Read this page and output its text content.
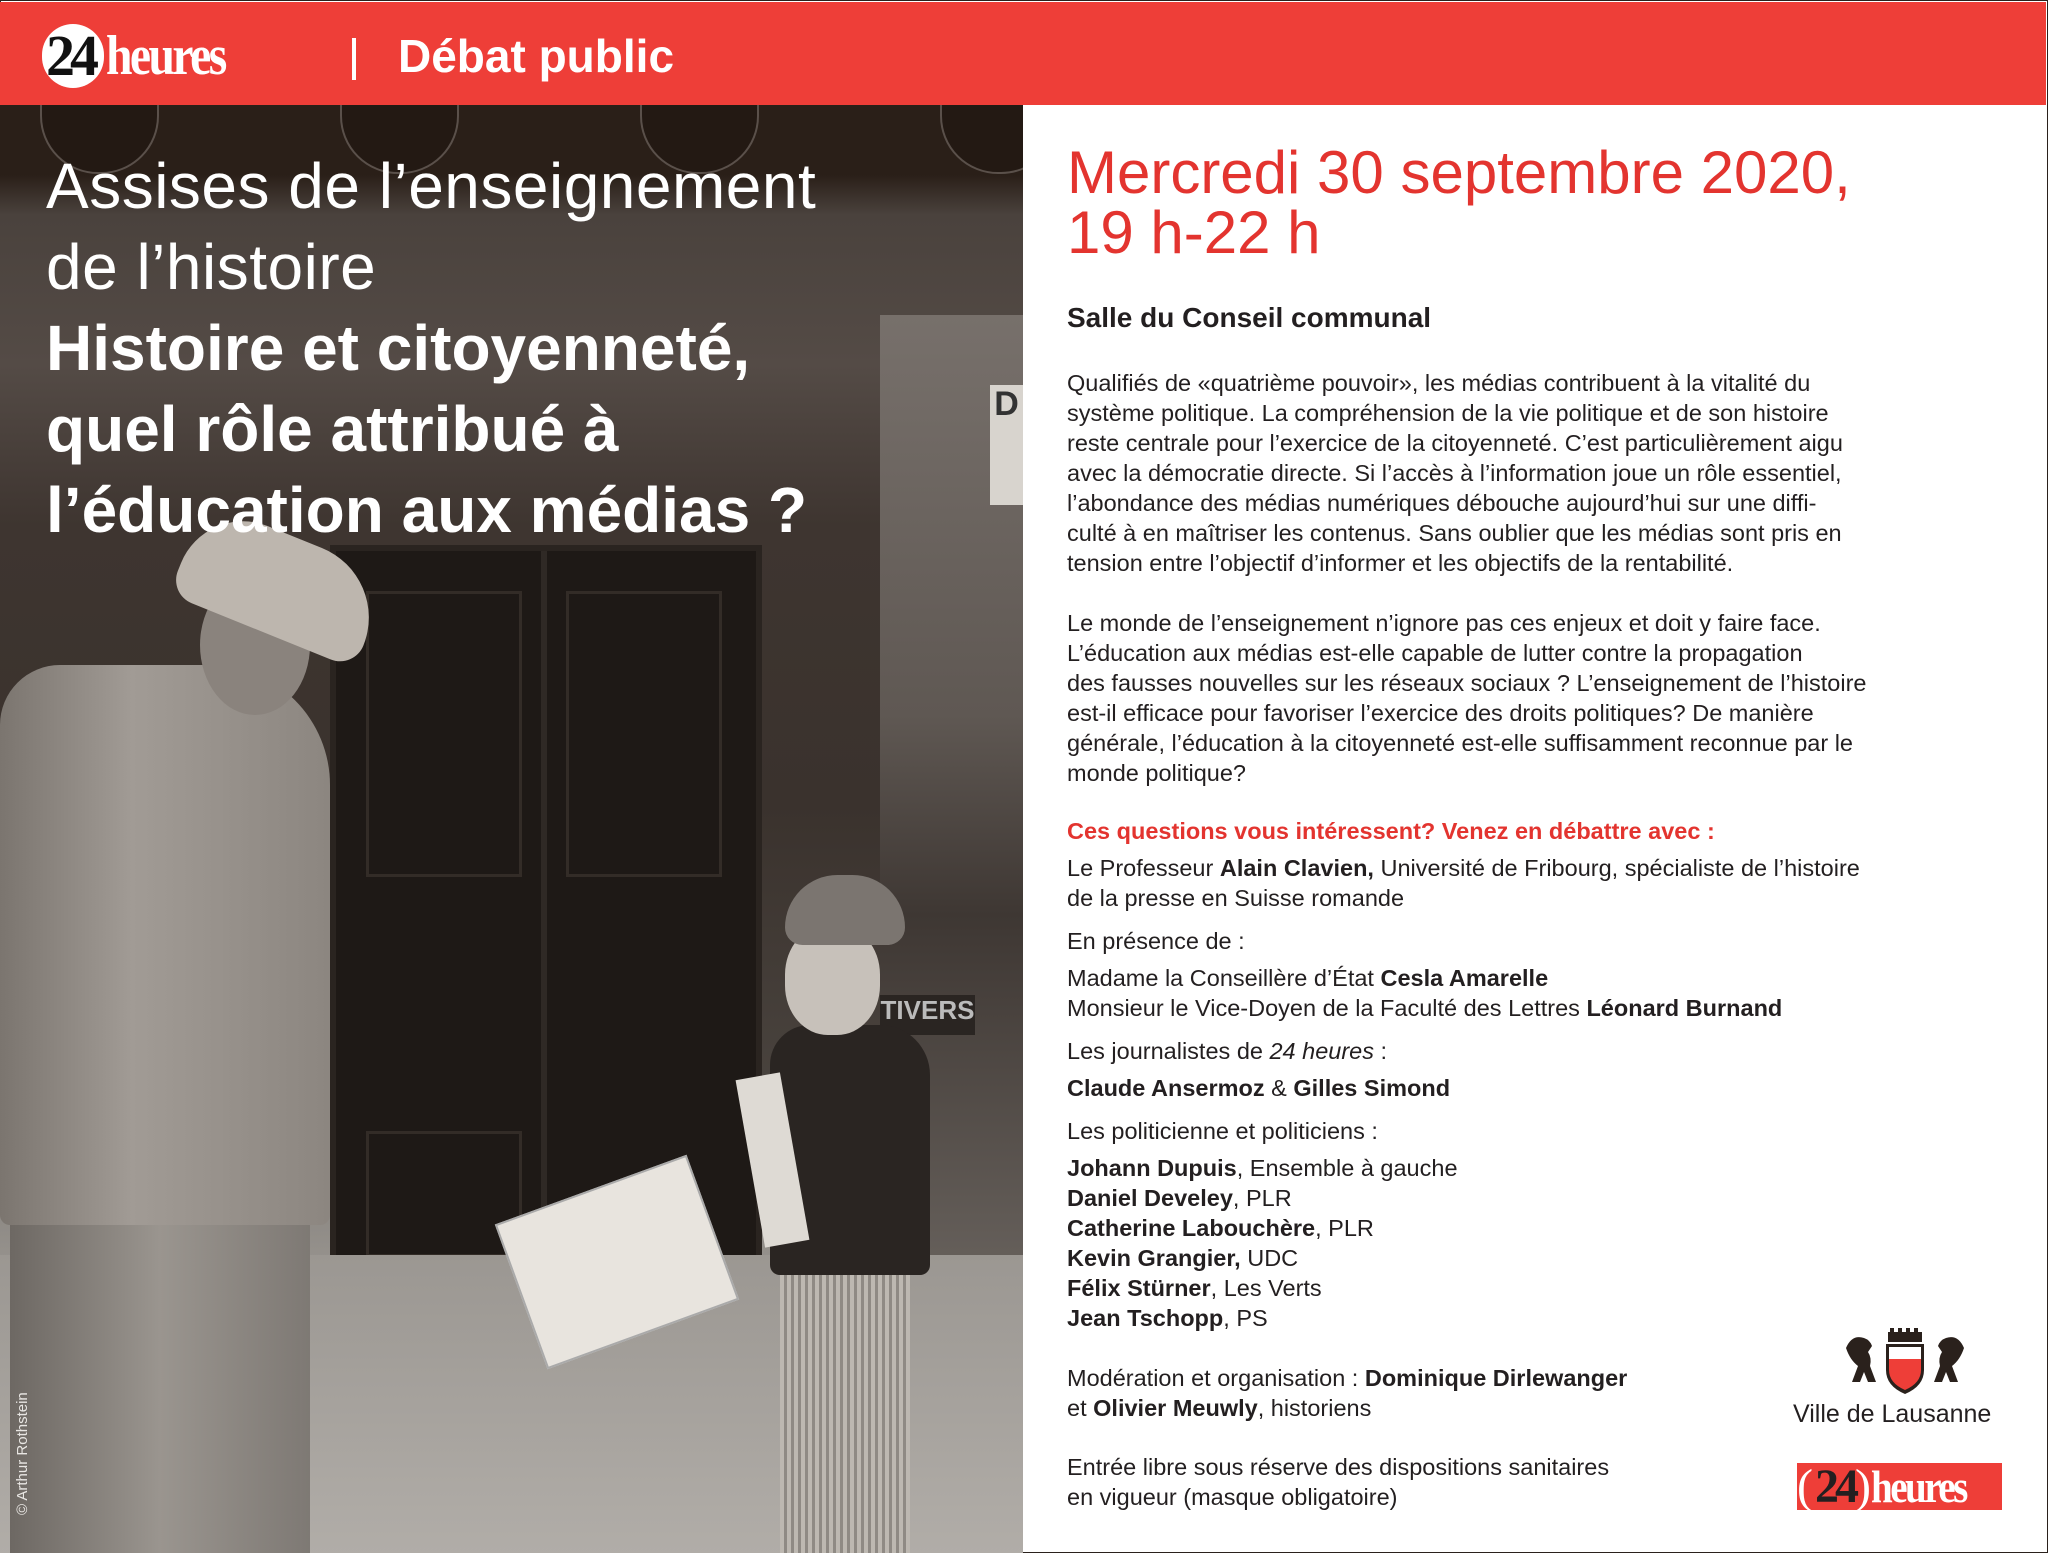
24 heures	Débat public
D
TIVERS
Assises de l’enseignement
de l’histoire
Histoire et citoyenneté,
quel rôle attribué à
l’éducation aux médias ?
© Arthur Rothstein
Mercredi 30 septembre 2020,
19 h-22 h
Salle du Conseil communal
Qualifiés de «quatrième pouvoir», les médias contribuent à la vitalité du
système politique. La compréhension de la vie politique et de son histoire
reste centrale pour l’exercice de la citoyenneté. C’est particulièrement aigu
avec la démocratie directe. Si l’accès à l’information joue un rôle essentiel,
l’abondance des médias numériques débouche aujourd’hui sur une diffi-
culté à en maîtriser les contenus. Sans oublier que les médias sont pris en
tension entre l’objectif d’informer et les objectifs de la rentabilité.
Le monde de l’enseignement n’ignore pas ces enjeux et doit y faire face.
L’éducation aux médias est-elle capable de lutter contre la propagation
des fausses nouvelles sur les réseaux sociaux ? L’enseignement de l’histoire
est-il efficace pour favoriser l’exercice des droits politiques? De manière
générale, l’éducation à la citoyenneté est-elle suffisamment reconnue par le
monde politique?
Ces questions vous intéressent? Venez en débattre avec :
Le Professeur Alain Clavien, Université de Fribourg, spécialiste de l’histoire
de la presse en Suisse romande
En présence de :
Madame la Conseillère d’État Cesla Amarelle
Monsieur le Vice-Doyen de la Faculté des Lettres Léonard Burnand
Les journalistes de 24 heures :
Claude Ansermoz & Gilles Simond
Les politicienne et politiciens :
Johann Dupuis, Ensemble à gauche
Daniel Develey, PLR
Catherine Labouchère, PLR
Kevin Grangier, UDC
Félix Stürner, Les Verts
Jean Tschopp, PS
Modération et organisation : Dominique Dirlewanger
et Olivier Meuwly, historiens
Entrée libre sous réserve des dispositions sanitaires
en vigueur (masque obligatoire)
Ville de Lausanne
( 24 ) heures
